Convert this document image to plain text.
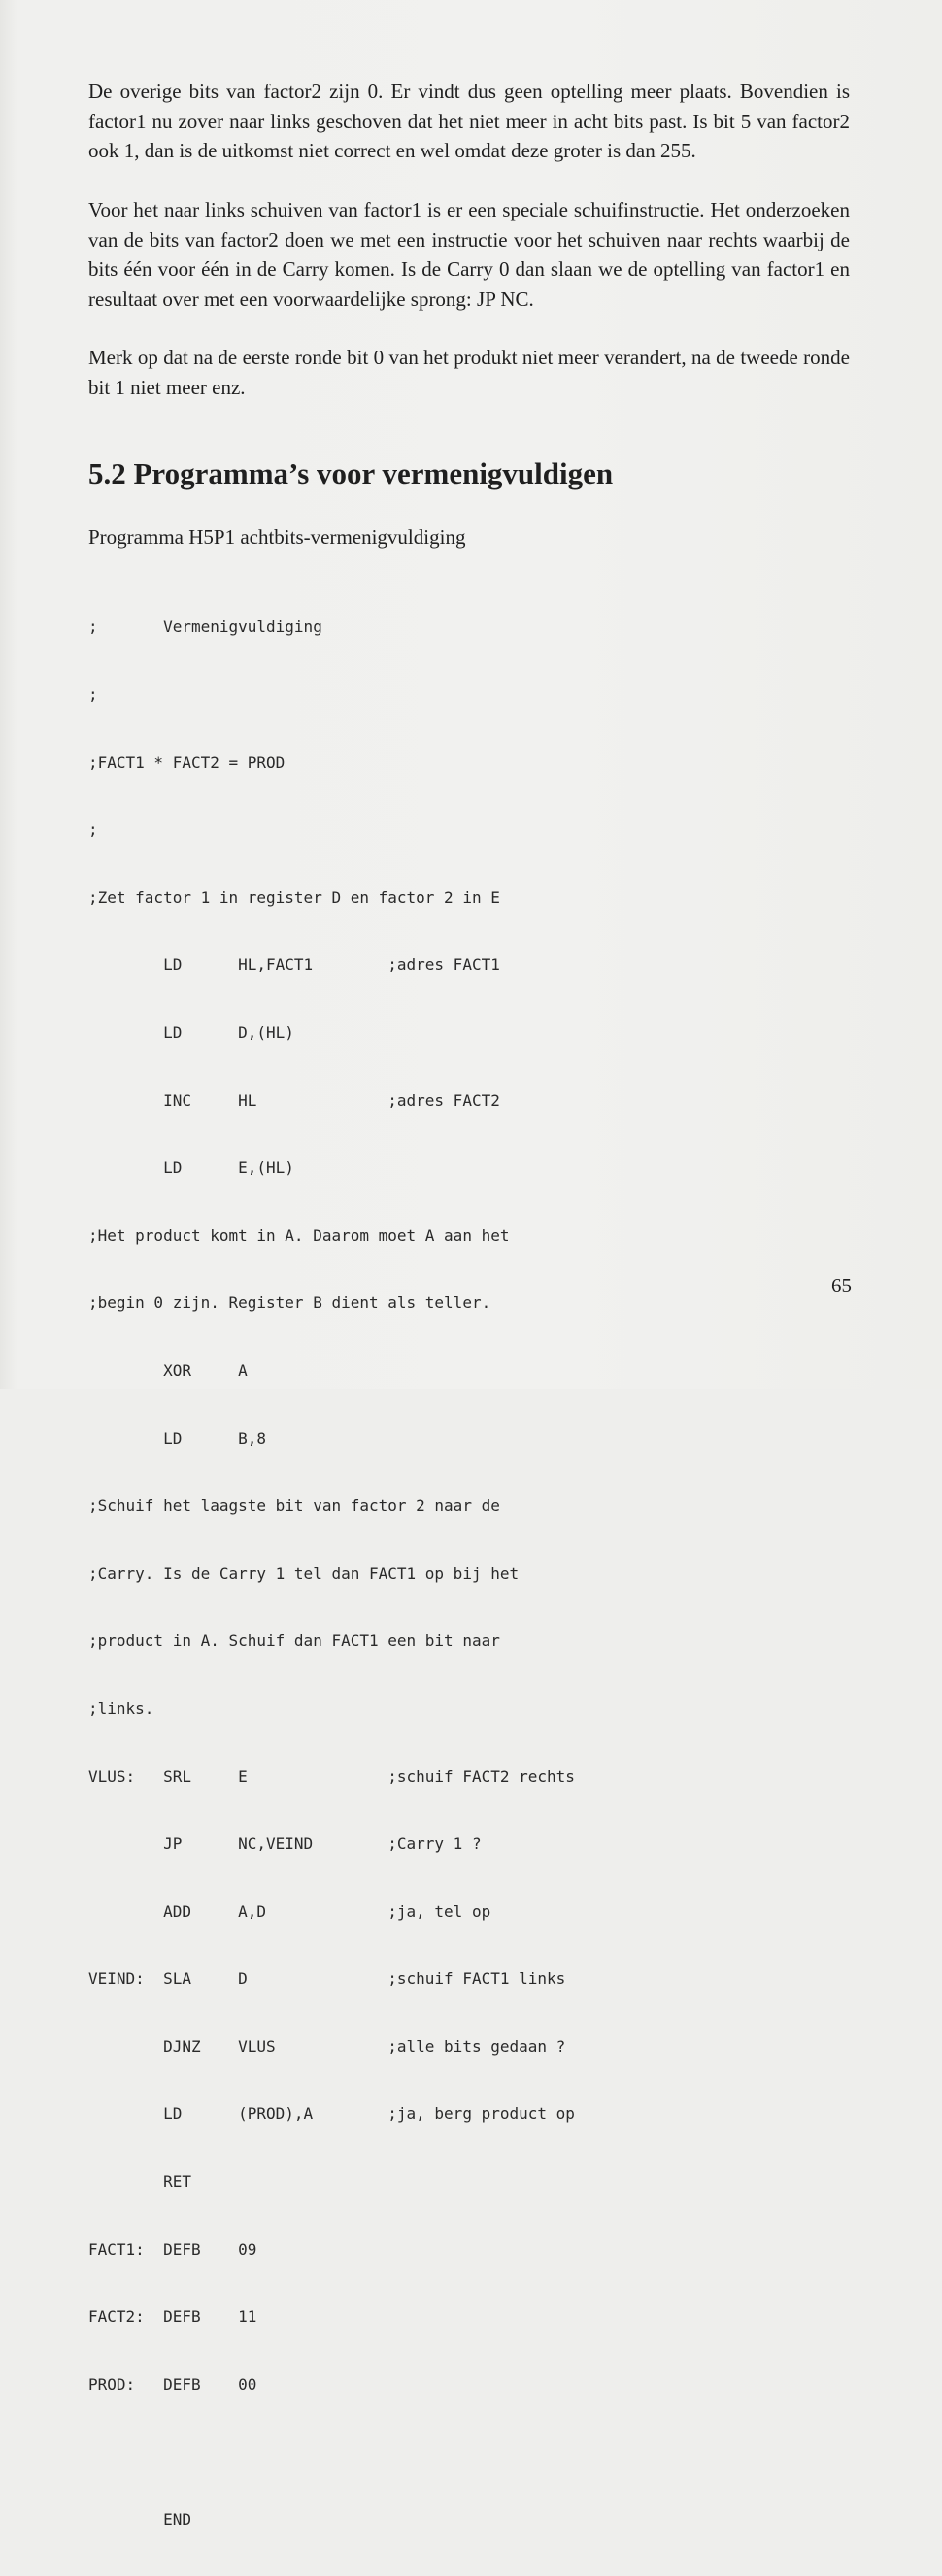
De overige bits van factor2 zijn 0. Er vindt dus geen optelling meer plaats. Bovendien is factor1 nu zover naar links geschoven dat het niet meer in acht bits past. Is bit 5 van factor2 ook 1, dan is de uitkomst niet correct en wel omdat deze groter is dan 255.

Voor het naar links schuiven van factor1 is er een speciale schuifinstructie. Het onderzoeken van de bits van factor2 doen we met een instructie voor het schuiven naar rechts waarbij de bits één voor één in de Carry komen. Is de Carry 0 dan slaan we de optelling van factor1 en resultaat over met een voorwaardelijke sprong: JP NC.

Merk op dat na de eerste ronde bit 0 van het produkt niet meer verandert, na de tweede ronde bit 1 niet meer enz.

5.2 Programma’s voor vermenigvuldigen

Programma H5P1 achtbits-vermenigvuldiging

;       Vermenigvuldiging

;

;FACT1 * FACT2 = PROD

;

;Zet factor 1 in register D en factor 2 in E

LD      HL,FACT1        ;adres FACT1

LD      D,(HL)

INC     HL              ;adres FACT2

LD      E,(HL)

;Het product komt in A. Daarom moet A aan het

;begin 0 zijn. Register B dient als teller.

XOR     A

LD      B,8

;Schuif het laagste bit van factor 2 naar de

;Carry. Is de Carry 1 tel dan FACT1 op bij het

;product in A. Schuif dan FACT1 een bit naar

;links.

VLUS:   SRL     E               ;schuif FACT2 rechts

JP      NC,VEIND        ;Carry 1 ?

ADD     A,D             ;ja, tel op

VEIND:  SLA     D               ;schuif FACT1 links

DJNZ    VLUS            ;alle bits gedaan ?

LD      (PROD),A        ;ja, berg product op

RET

FACT1:  DEFB    09

FACT2:  DEFB    11

PROD:   DEFB    00

END

65
